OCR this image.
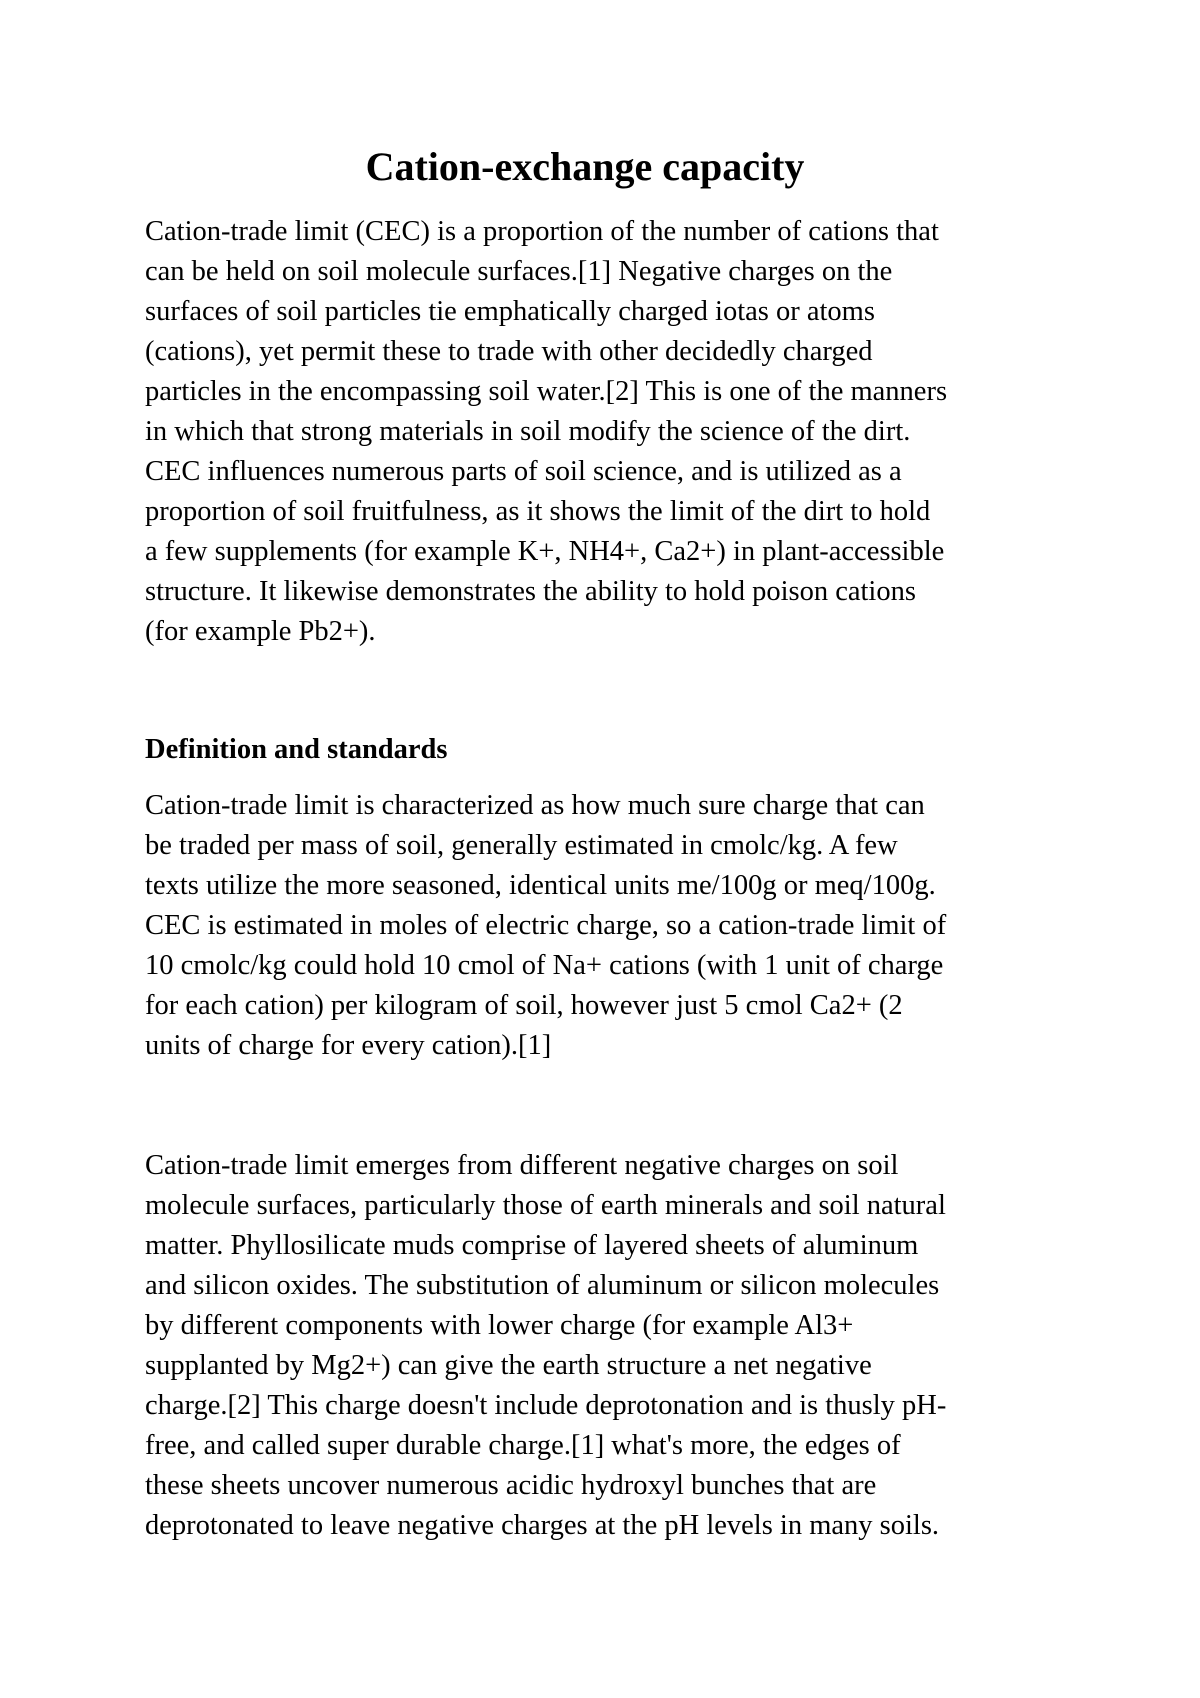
Cation-exchange capacity
Cation-trade limit (CEC) is a proportion of the number of cations that
can be held on soil molecule surfaces.[1] Negative charges on the
surfaces of soil particles tie emphatically charged iotas or atoms
(cations), yet permit these to trade with other decidedly charged
particles in the encompassing soil water.[2] This is one of the manners
in which that strong materials in soil modify the science of the dirt.
CEC influences numerous parts of soil science, and is utilized as a
proportion of soil fruitfulness, as it shows the limit of the dirt to hold
a few supplements (for example K+, NH4+, Ca2+) in plant-accessible
structure. It likewise demonstrates the ability to hold poison cations
(for example Pb2+).
Definition and standards
Cation-trade limit is characterized as how much sure charge that can
be traded per mass of soil, generally estimated in cmolc/kg. A few
texts utilize the more seasoned, identical units me/100g or meq/100g.
CEC is estimated in moles of electric charge, so a cation-trade limit of
10 cmolc/kg could hold 10 cmol of Na+ cations (with 1 unit of charge
for each cation) per kilogram of soil, however just 5 cmol Ca2+ (2
units of charge for every cation).[1]
Cation-trade limit emerges from different negative charges on soil
molecule surfaces, particularly those of earth minerals and soil natural
matter. Phyllosilicate muds comprise of layered sheets of aluminum
and silicon oxides. The substitution of aluminum or silicon molecules
by different components with lower charge (for example Al3+
supplanted by Mg2+) can give the earth structure a net negative
charge.[2] This charge doesn't include deprotonation and is thusly pH-
free, and called super durable charge.[1] what's more, the edges of
these sheets uncover numerous acidic hydroxyl bunches that are
deprotonated to leave negative charges at the pH levels in many soils.
